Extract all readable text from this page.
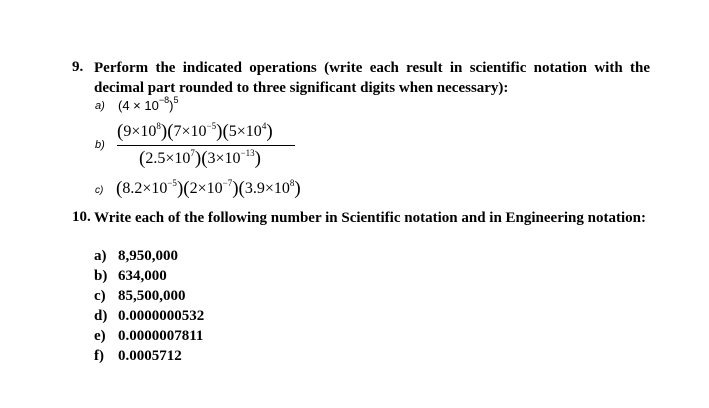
9. Perform the indicated operations (write each result in scientific notation with the decimal part rounded to three significant digits when necessary):
a) $(4 \times 10^{-8})^5$
b)
$(9\times 10^8)(7\times 10^{-5})(5\times 10^4)$
$(2.5\times 10^7)(3\times 10^{-13})$
c) $(8.2\times 10^{-5})(2\times 10^{-7})(3.9\times 10^8)$
10. Write each of the following number in Scientific notation and in Engineering notation:
a) 8,950,000
b) 634,000
c) 85,500,000
d) 0.0000000532
e) 0.0000007811
f) 0.0005712
